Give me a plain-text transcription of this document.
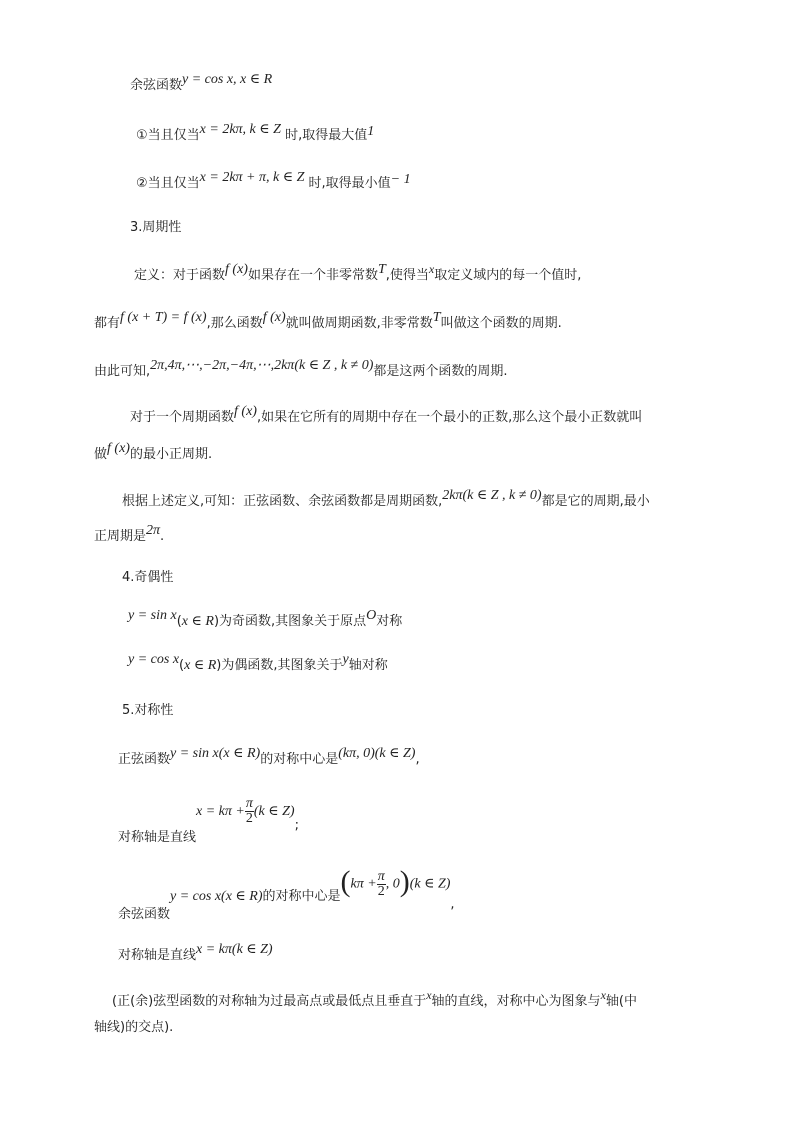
余弦函数y = cos x, x ∈ R
①当且仅当x = 2kπ, k ∈ Z 时,取得最大值1
②当且仅当x = 2kπ + π, k ∈ Z 时,取得最小值− 1
3.周期性
定义：对于函数f (x)如果存在一个非零常数T,使得当x取定义域内的每一个值时,
都有f (x + T) = f (x),那么函数f (x)就叫做周期函数,非零常数T叫做这个函数的周期.
由此可知,2π,4π,⋯,−2π,−4π,⋯,2kπ(k ∈ Z , k ≠ 0)都是这两个函数的周期.
对于一个周期函数f (x),如果在它所有的周期中存在一个最小的正数,那么这个最小正数就叫
做f (x)的最小正周期.
根据上述定义,可知：正弦函数、余弦函数都是周期函数,2kπ(k ∈ Z , k ≠ 0)都是它的周期,最小
正周期是2π.
4.奇偶性
y = sin x(x ∈ R)为奇函数,其图象关于原点O对称
y = cos x(x ∈ R)为偶函数,其图象关于y轴对称
5.对称性
正弦函数y = sin x(x ∈ R)的对称中心是(kπ, 0)(k ∈ Z),
对称轴是直线$x = k\pi + \frac{\pi}{2} (k$ ∈ Z);
余弦函数y = cos x(x ∈ R)的对称中心是($k\pi + \frac{\pi}{2}$ , 0)(k ∈ Z),
对称轴是直线x = kπ(k ∈ Z)
(正(余)弦型函数的对称轴为过最高点或最低点且垂直于x轴的直线，对称中心为图象与x轴(中
轴线)的交点).
